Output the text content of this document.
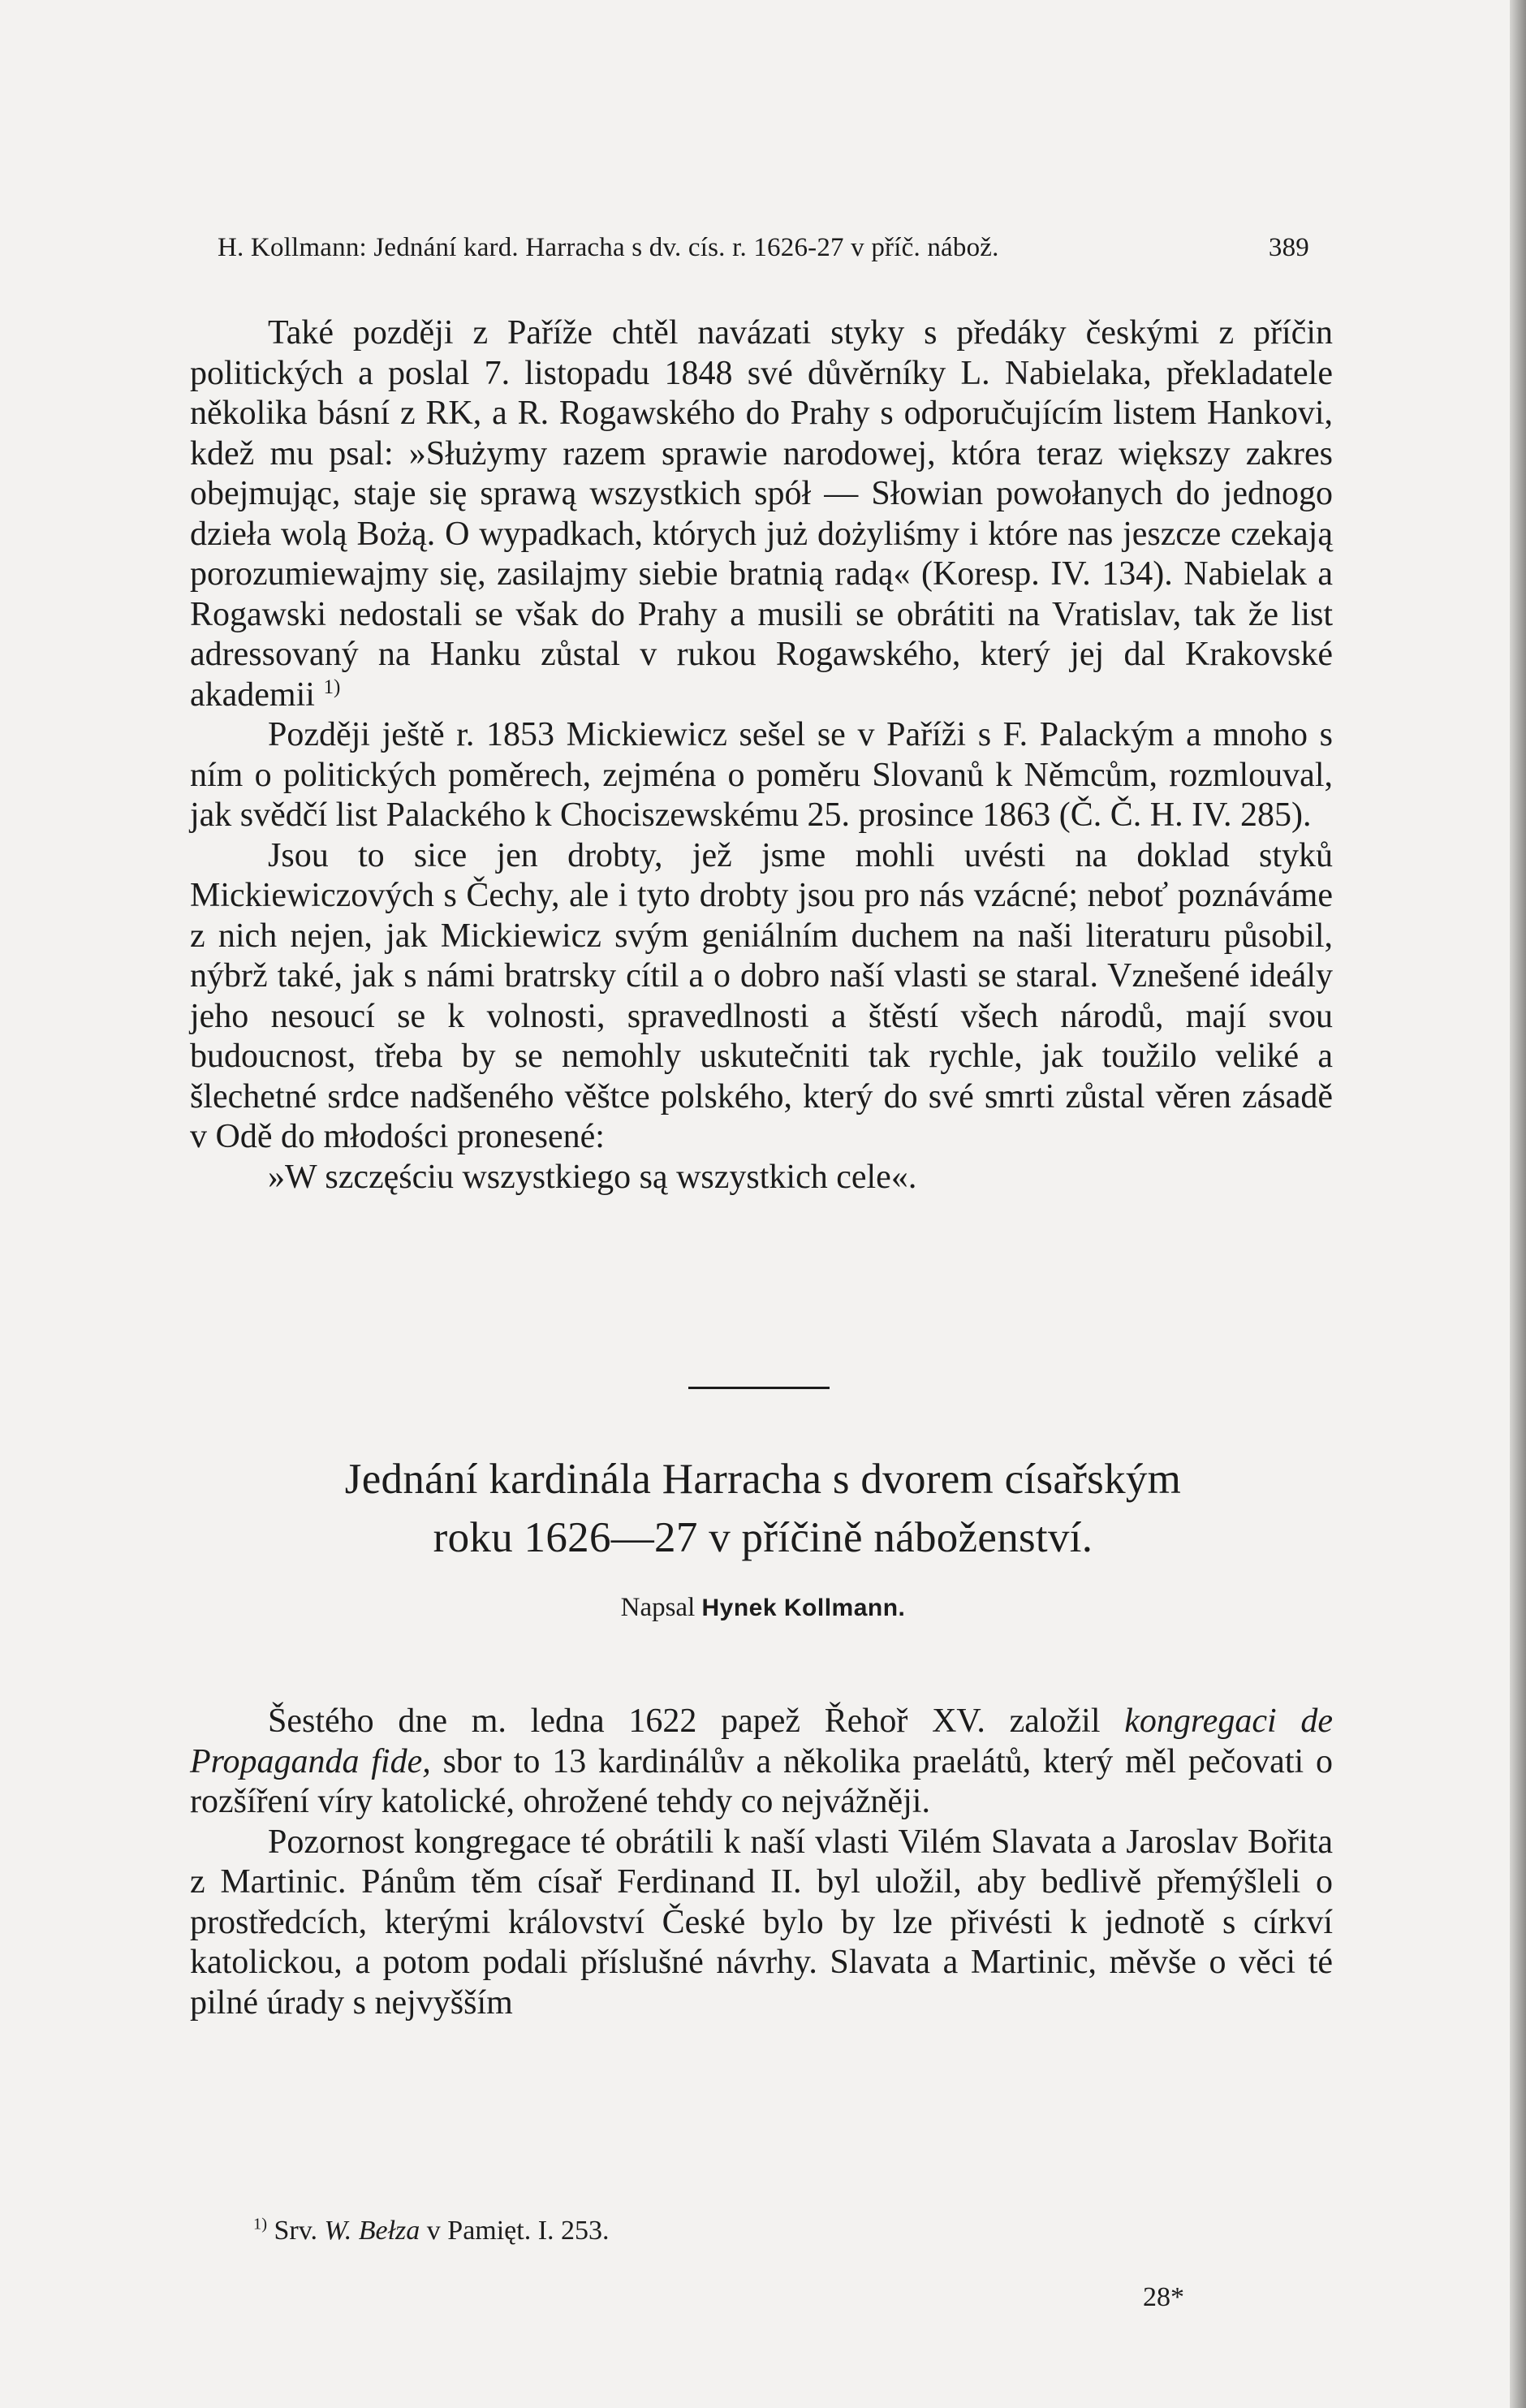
H. Kollmann: Jednání kard. Harracha s dv. cís. r. 1626-27 v příč. nábož.	389

Také později z Paříže chtěl navázati styky s předáky českými z příčin politických a poslal 7. listopadu 1848 své důvěrníky L. Nabielaka, překladatele několika básní z RK, a R. Rogawského do Prahy s odporučujícím listem Hankovi, kdež mu psal: »Służymy razem sprawie narodowej, która teraz większy zakres obejmując, staje się sprawą wszystkich spół — Słowian powołanych do jednogo dzieła wolą Bożą. O wypadkach, których już dożyliśmy i które nas jeszcze czekają porozumiewajmy się, zasilajmy siebie bratnią radą« (Koresp. IV. 134). Nabielak a Rogawski nedostali se však do Prahy a musili se obrátiti na Vratislav, tak že list adressovaný na Hanku zůstal v rukou Rogawského, který jej dal Krakovské akademii $^{1)}$

Později ještě r. 1853 Mickiewicz sešel se v Paříži s F. Palackým a mnoho s ním o politických poměrech, zejména o poměru Slovanů k Němcům, rozmlouval, jak svědčí list Palackého k Chociszewskému 25. prosince 1863 (Č. Č. H. IV. 285).

Jsou to sice jen drobty, jež jsme mohli uvésti na doklad styků Mickiewiczových s Čechy, ale i tyto drobty jsou pro nás vzácné; neboť poznáváme z nich nejen, jak Mickiewicz svým geniálním duchem na naši literaturu působil, nýbrž také, jak s námi bratrsky cítil a o dobro naší vlasti se staral. Vznešené ideály jeho nesoucí se k volnosti, spravedlnosti a štěstí všech národů, mají svou budoucnost, třeba by se nemohly uskutečniti tak rychle, jak toužilo veliké a šlechetné srdce nadšeného věštce polského, který do své smrti zůstal věren zásadě v Odě do młodości pronesené:

»W szczęściu wszystkiego są wszystkich cele«.

Jednání kardinála Harracha s dvorem císařským
roku 1626—27 v příčině náboženství.
Napsal Hynek Kollmann.

Šestého dne m. ledna 1622 papež Řehoř XV. založil kongregaci de Propaganda fide, sbor to 13 kardinálův a několika praelátů, který měl pečovati o rozšíření víry katolické, ohrožené tehdy co nejvážněji.

Pozornost kongregace té obrátili k naší vlasti Vilém Slavata a Jaroslav Bořita z Martinic. Pánům těm císař Ferdinand II. byl uložil, aby bedlivě přemýšleli o prostředcích, kterými království České bylo by lze přivésti k jednotě s církví katolickou, a potom podali příslušné návrhy. Slavata a Martinic, měvše o věci té pilné úrady s nejvyšším

$^{1)}$ Srv. W. Bełza v Pamięt. I. 253.
28*
